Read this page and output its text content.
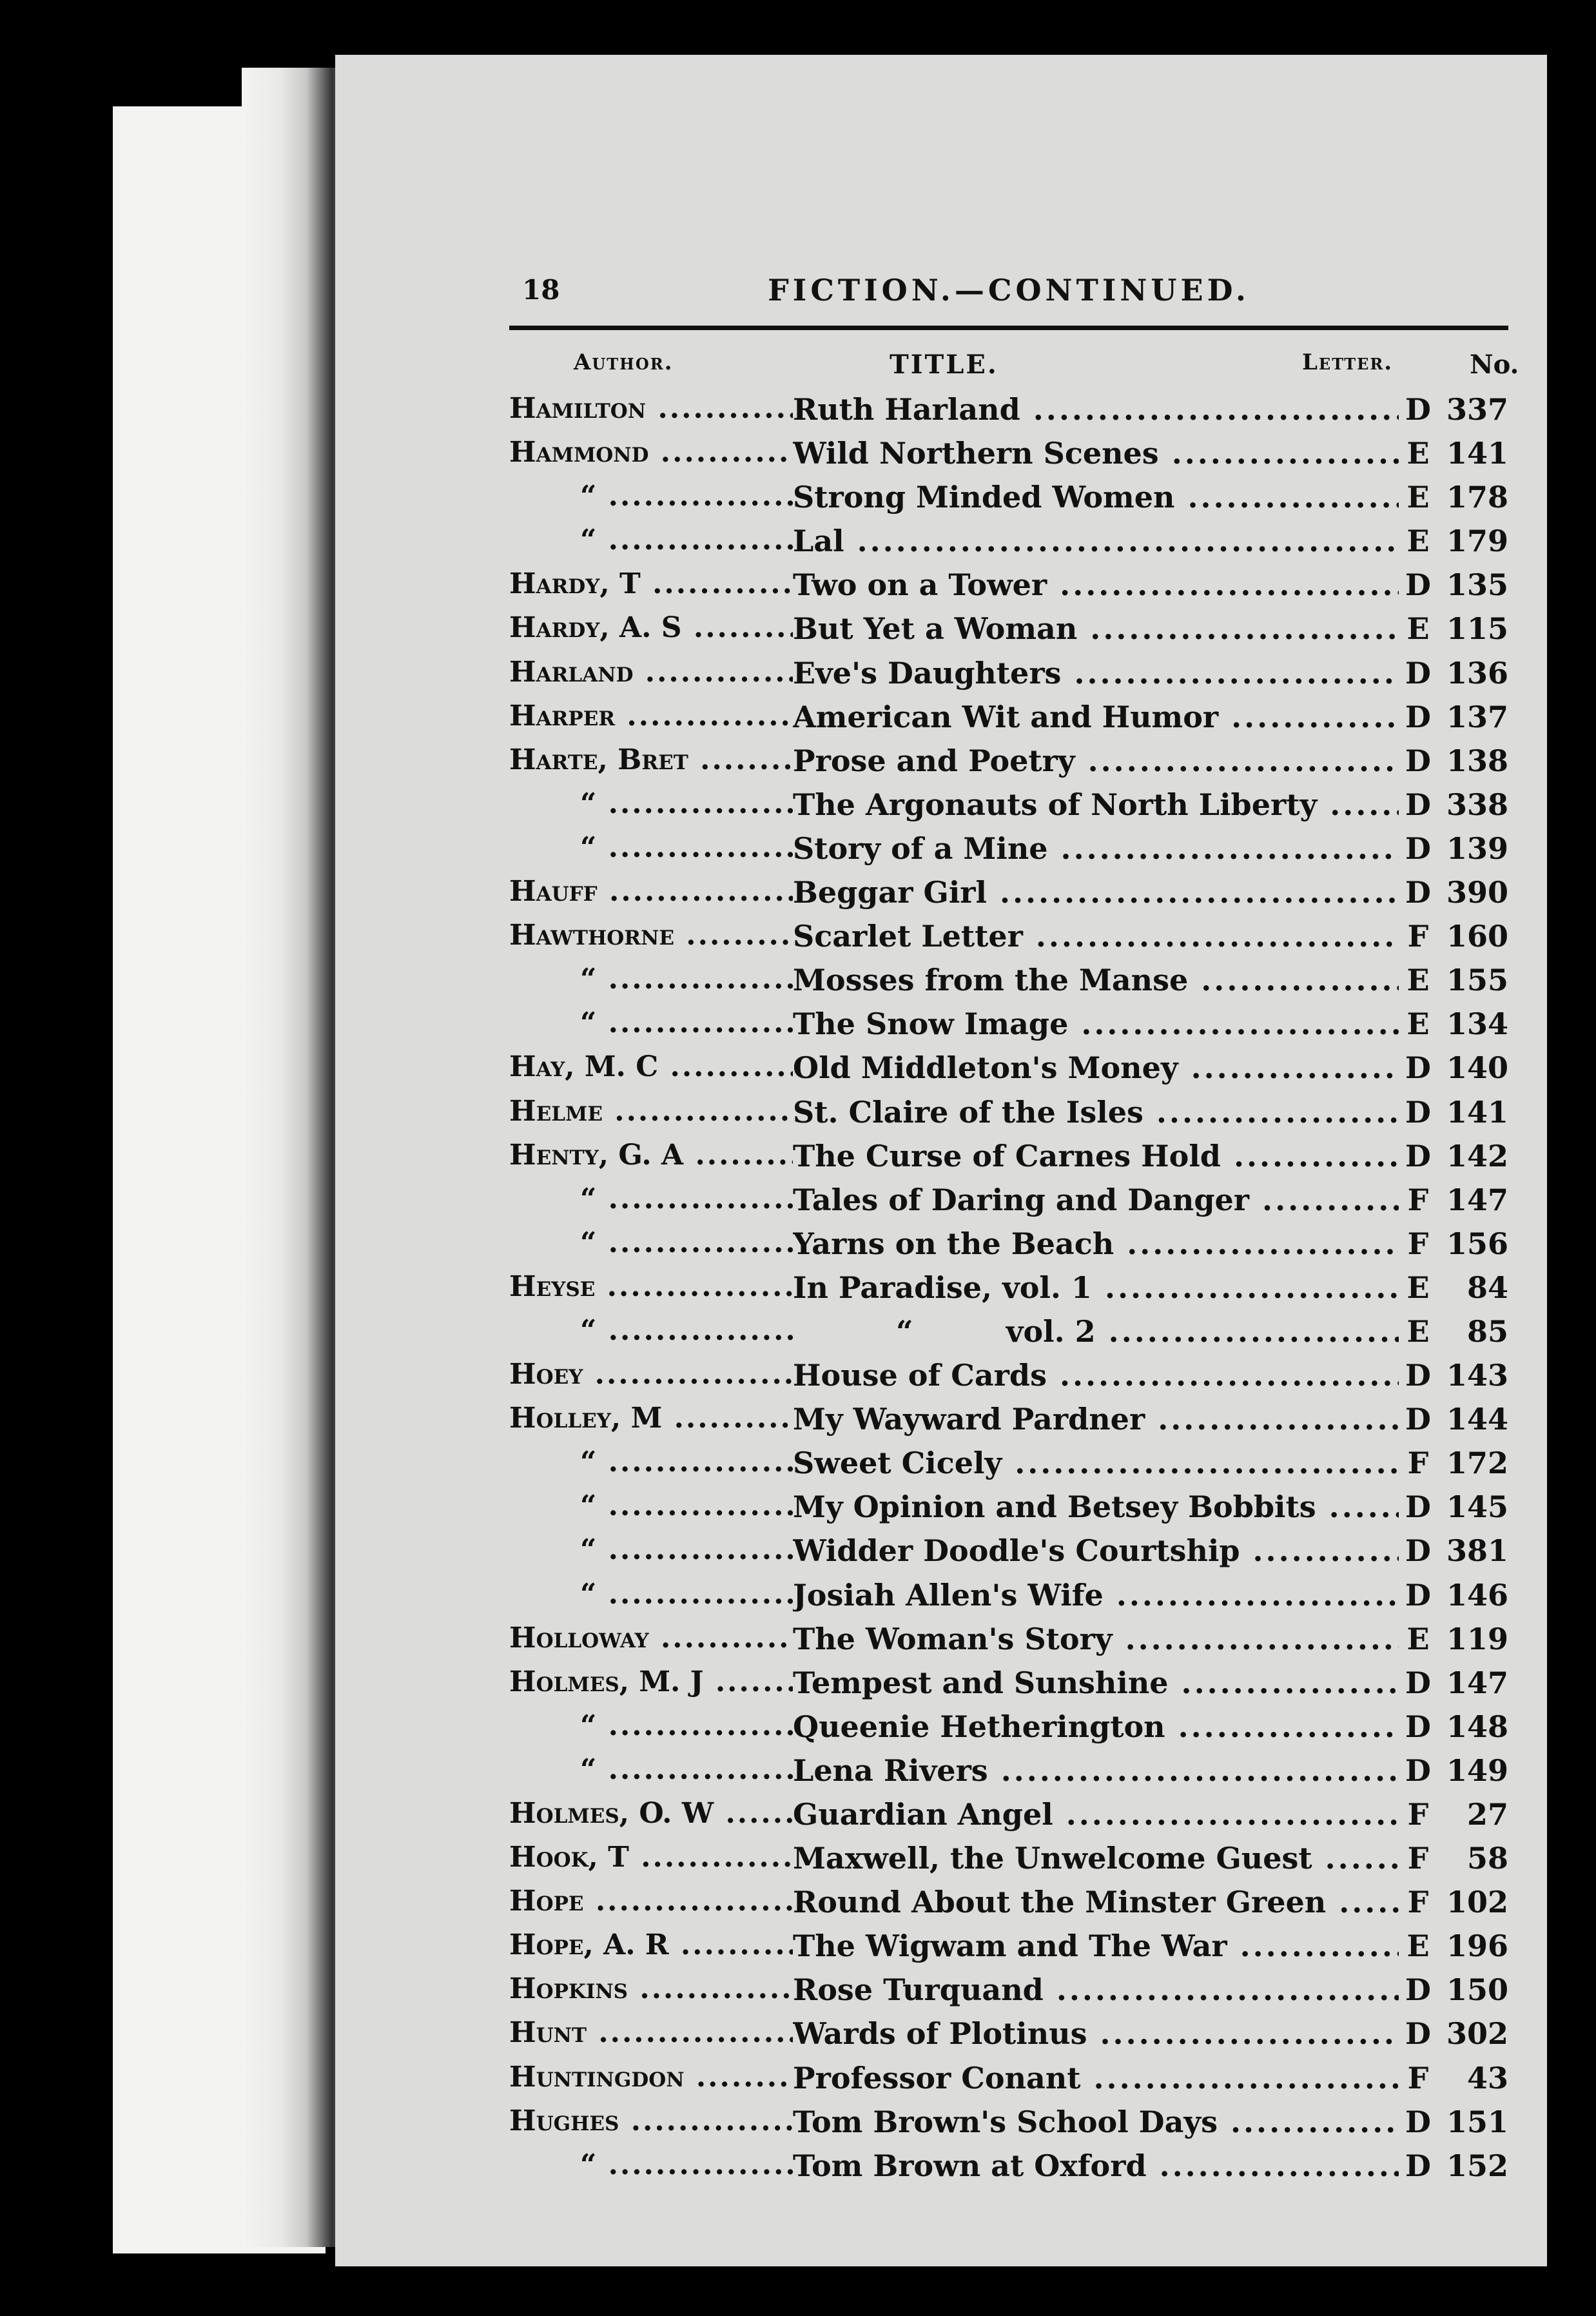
18	FICTION.—CONTINUED.
Author.	TITLE.	Letter.	No.
Hamilton .....	Ruth Harland .....	D 337
Hammond .....	Wild Northern Scenes .....	E 141
“ .....	Strong Minded Women .....	E 178
“ .....	Lal .....	E 179
Hardy, T .....	Two on a Tower .....	D 135
Hardy, A. S .....	But Yet a Woman .....	E 115
Harland .....	Eve's Daughters .....	D 136
Harper .....	American Wit and Humor .....	D 137
Harte, Bret .....	Prose and Poetry .....	D 138
“ .....	The Argonauts of North Liberty .....	D 338
“ .....	Story of a Mine .....	D 139
Hauff .....	Beggar Girl .....	D 390
Hawthorne .....	Scarlet Letter .....	F 160
“ .....	Mosses from the Manse .....	E 155
“ .....	The Snow Image .....	E 134
Hay, M. C .....	Old Middleton's Money .....	D 140
Helme .....	St. Claire of the Isles .....	D 141
Henty, G. A .....	The Curse of Carnes Hold .....	D 142
“ .....	Tales of Daring and Danger .....	F 147
“ .....	Yarns on the Beach .....	F 156
Heyse .....	In Paradise, vol. 1 .....	E	84
“ .....	“         vol. 2 .....	E	85
Hoey .....	House of Cards .....	D 143
Holley, M .....	My Wayward Pardner .....	D 144
“ .....	Sweet Cicely .....	F 172
“ .....	My Opinion and Betsey Bobbits .....	D 145
“ .....	Widder Doodle's Courtship .....	D 381
“ .....	Josiah Allen's Wife .....	D 146
Holloway .....	The Woman's Story .....	E 119
Holmes, M. J .....	Tempest and Sunshine .....	D 147
“ .....	Queenie Hetherington .....	D 148
“ .....	Lena Rivers .....	D 149
Holmes, O. W .....	Guardian Angel .....	F	27
Hook, T .....	Maxwell, the Unwelcome Guest .....	F	58
Hope .....	Round About the Minster Green .....	F 102
Hope, A. R .....	The Wigwam and The War .....	E 196
Hopkins .....	Rose Turquand .....	D 150
Hunt .....	Wards of Plotinus .....	D 302
Huntingdon .....	Professor Conant .....	F	43
Hughes .....	Tom Brown's School Days .....	D 151
“ .....	Tom Brown at Oxford .....	D 152
